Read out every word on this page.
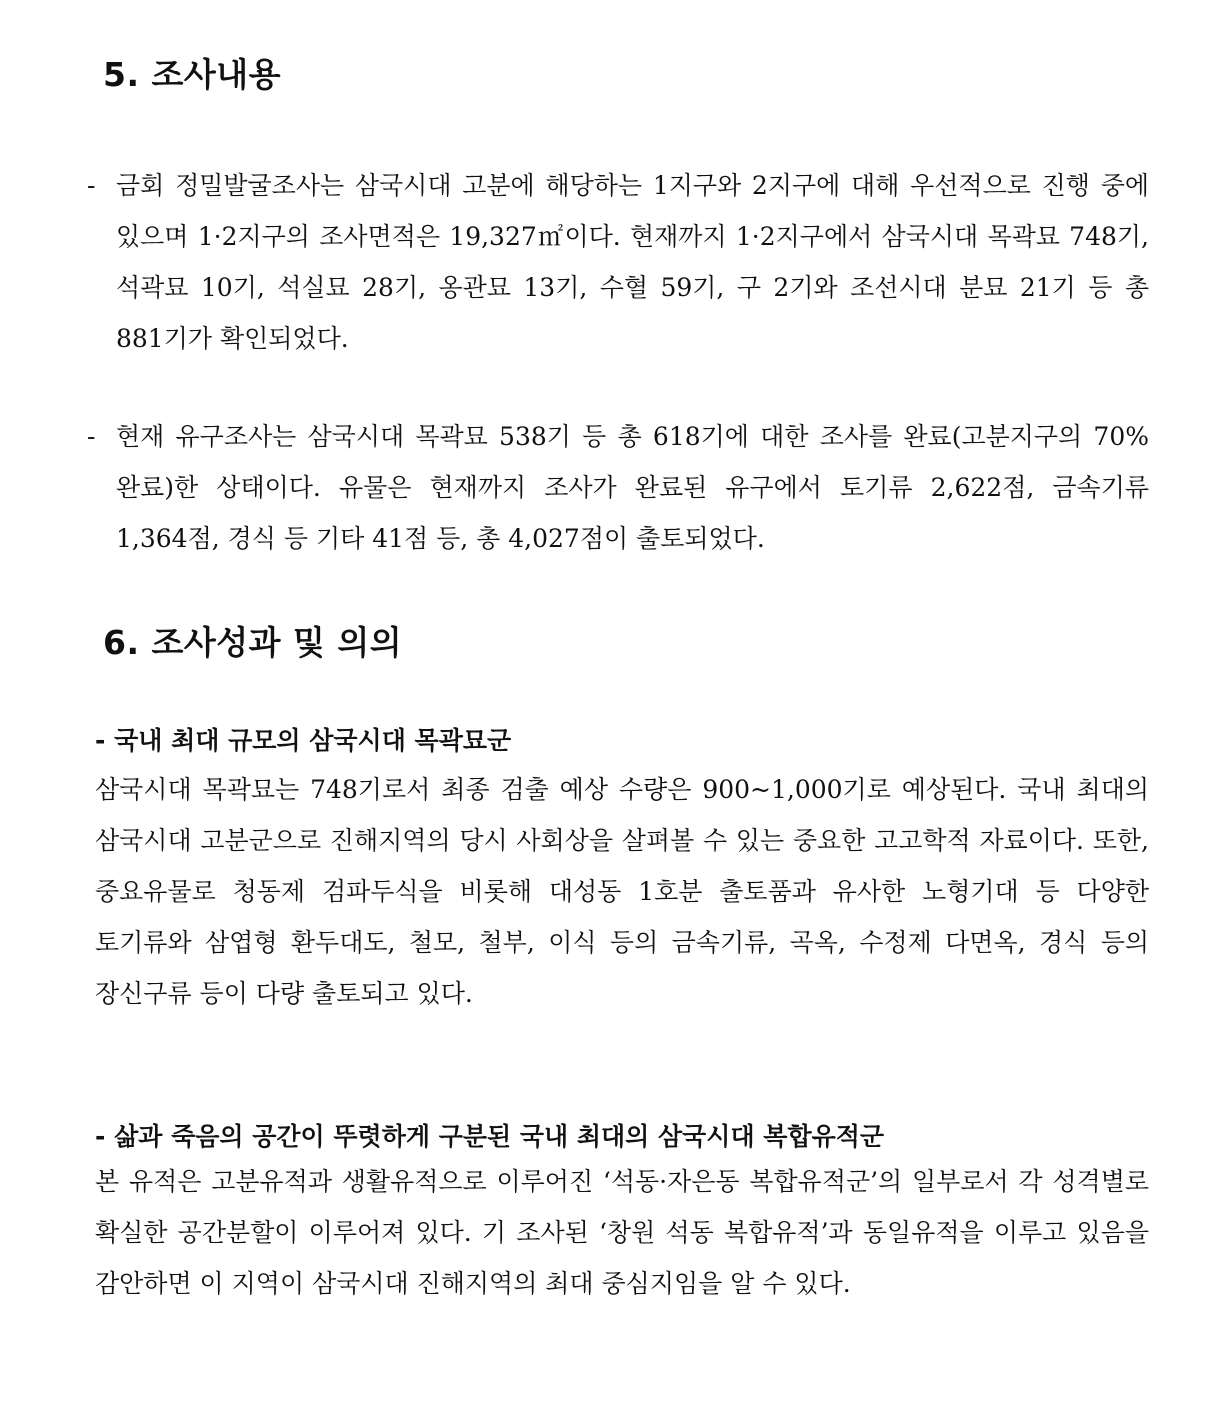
5. 조사내용
- 금회 정밀발굴조사는 삼국시대 고분에 해당하는 1지구와 2지구에 대해 우선적으로 진행 중에 있으며 1·2지구의 조사면적은 19,327㎡이다. 현재까지 1·2지구에서 삼국시대 목곽묘 748기, 석곽묘 10기, 석실묘 28기, 옹관묘 13기, 수혈 59기, 구 2기와 조선시대 분묘 21기 등 총 881기가 확인되었다.

- 현재 유구조사는 삼국시대 목곽묘 538기 등 총 618기에 대한 조사를 완료(고분지구의 70% 완료)한 상태이다. 유물은 현재까지 조사가 완료된 유구에서 토기류 2,622점, 금속기류 1,364점, 경식 등 기타 41점 등, 총 4,027점이 출토되었다.

6. 조사성과 및 의의
- 국내 최대 규모의 삼국시대 목곽묘군

삼국시대 목곽묘는 748기로서 최종 검출 예상 수량은 900~1,000기로 예상된다. 국내 최대의 삼국시대 고분군으로 진해지역의 당시 사회상을 살펴볼 수 있는 중요한 고고학적 자료이다. 또한, 중요유물로 청동제 검파두식을 비롯해 대성동 1호분 출토품과 유사한 노형기대 등 다양한 토기류와 삼엽형 환두대도, 철모, 철부, 이식 등의 금속기류, 곡옥, 수정제 다면옥, 경식 등의 장신구류 등이 다량 출토되고 있다.

- 삶과 죽음의 공간이 뚜렷하게 구분된 국내 최대의 삼국시대 복합유적군

본 유적은 고분유적과 생활유적으로 이루어진 ‘석동·자은동 복합유적군’의 일부로서 각 성격별로 확실한 공간분할이 이루어져 있다. 기 조사된 ‘창원 석동 복합유적’과 동일유적을 이루고 있음을 감안하면 이 지역이 삼국시대 진해지역의 최대 중심지임을 알 수 있다.
